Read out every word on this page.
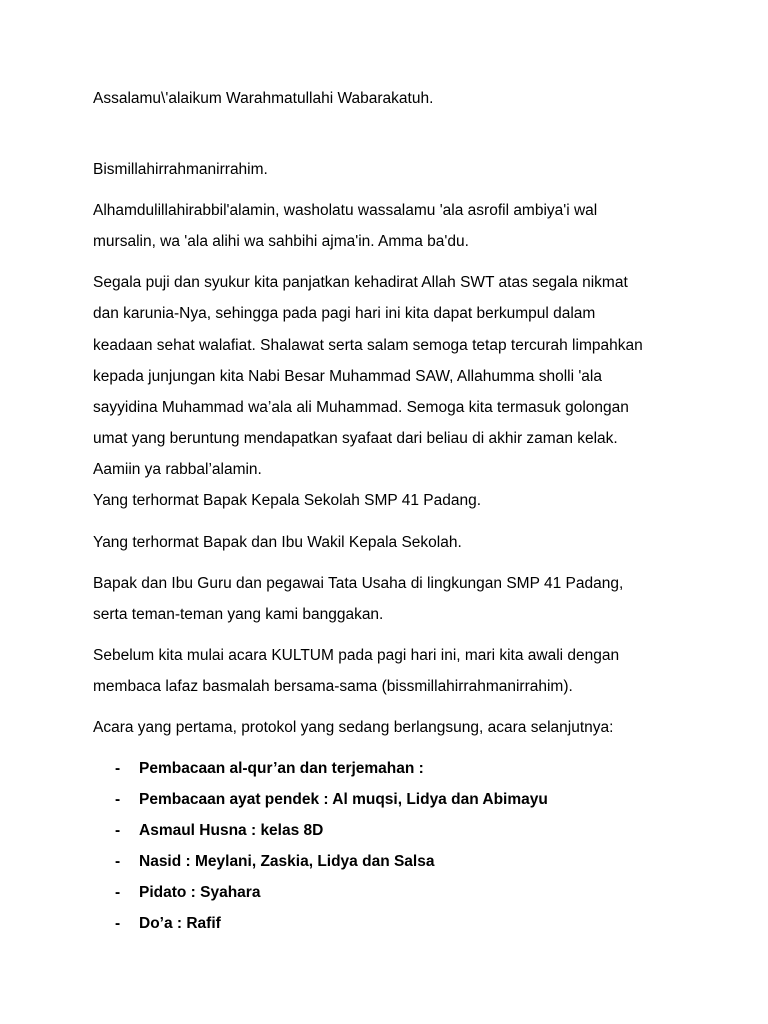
Assalamu\'alaikum Warahmatullahi Wabarakatuh.
Bismillahirrahmanirrahim.
Alhamdulillahirabbil'alamin, washolatu wassalamu 'ala asrofil ambiya'i wal
mursalin, wa 'ala alihi wa sahbihi ajma'in. Amma ba'du.
Segala puji dan syukur kita panjatkan kehadirat Allah SWT atas segala nikmat
dan karunia-Nya, sehingga pada pagi hari ini kita dapat berkumpul dalam
keadaan sehat walafiat. Shalawat serta salam semoga tetap tercurah limpahkan
kepada junjungan kita Nabi Besar Muhammad SAW, Allahumma sholli 'ala
sayyidina Muhammad wa’ala ali Muhammad. Semoga kita termasuk golongan
umat yang beruntung mendapatkan syafaat dari beliau di akhir zaman kelak.
Aamiin ya rabbal’alamin.
Yang terhormat Bapak Kepala Sekolah SMP 41 Padang.
Yang terhormat Bapak dan Ibu Wakil Kepala Sekolah.
Bapak dan Ibu Guru dan pegawai Tata Usaha di lingkungan SMP 41 Padang,
serta teman-teman yang kami banggakan.
Sebelum kita mulai acara KULTUM pada pagi hari ini, mari kita awali dengan
membaca lafaz basmalah bersama-sama (bissmillahirrahmanirrahim).
Acara yang pertama, protokol yang sedang berlangsung, acara selanjutnya:
- Pembacaan al-qur’an dan terjemahan :
- Pembacaan ayat pendek : Al muqsi, Lidya dan Abimayu
- Asmaul Husna : kelas 8D
- Nasid : Meylani, Zaskia, Lidya dan Salsa
- Pidato : Syahara
- Do’a : Rafif
